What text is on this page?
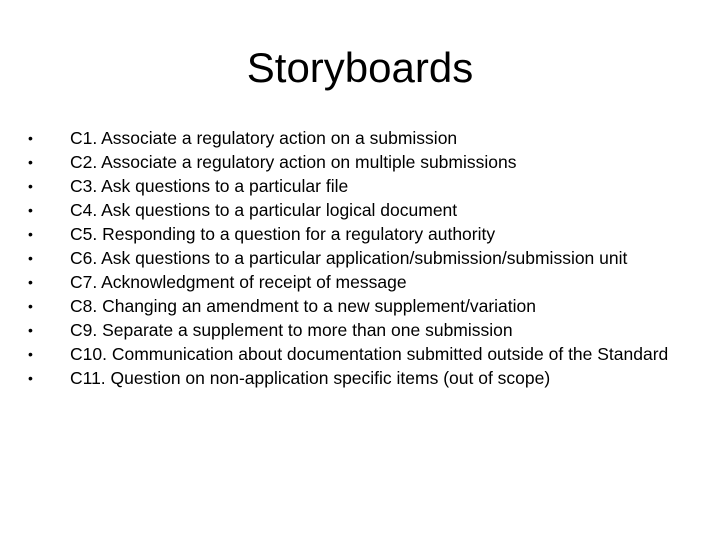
Storyboards
•	C1. Associate a regulatory action on a submission
•	C2. Associate a regulatory action on multiple submissions
•	C3. Ask questions to a particular file
•	C4. Ask questions to a particular logical document
•	C5. Responding to a question for a regulatory authority
•	C6. Ask questions to a particular application/submission/submission unit
•	C7. Acknowledgment of receipt of message
•	C8. Changing an amendment to a new supplement/variation
•	C9. Separate a supplement to more than one submission
•	C10. Communication about documentation submitted outside of the Standard
•	C11. Question on non-application specific items (out of scope)
